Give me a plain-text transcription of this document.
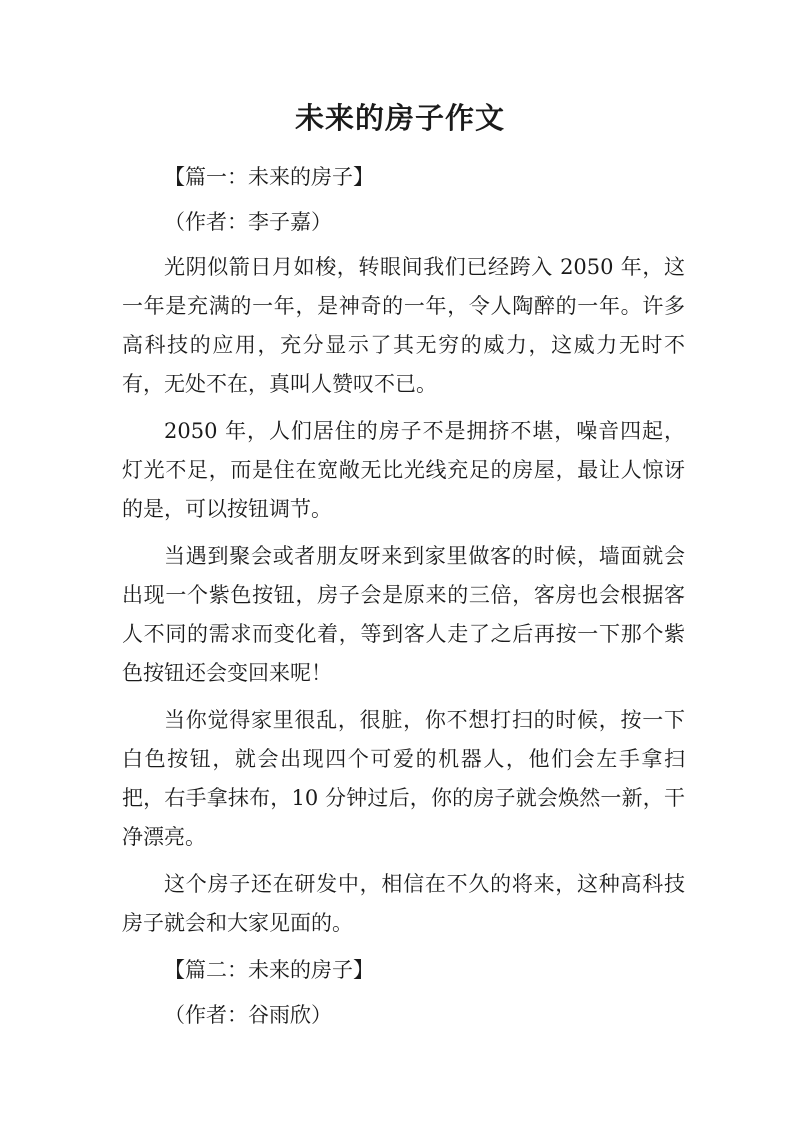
未来的房子作文

【篇一：未来的房子】

（作者：李子嘉）

光阴似箭日月如梭，转眼间我们已经跨入 2050 年，这一年是充满的一年，是神奇的一年，令人陶醉的一年。许多高科技的应用，充分显示了其无穷的威力，这威力无时不有，无处不在，真叫人赞叹不已。

2050 年，人们居住的房子不是拥挤不堪，噪音四起，灯光不足，而是住在宽敞无比光线充足的房屋，最让人惊讶的是，可以按钮调节。

当遇到聚会或者朋友呀来到家里做客的时候，墙面就会出现一个紫色按钮，房子会是原来的三倍，客房也会根据客人不同的需求而变化着，等到客人走了之后再按一下那个紫色按钮还会变回来呢！

当你觉得家里很乱，很脏，你不想打扫的时候，按一下白色按钮，就会出现四个可爱的机器人，他们会左手拿扫把，右手拿抹布，10 分钟过后，你的房子就会焕然一新，干净漂亮。

这个房子还在研发中，相信在不久的将来，这种高科技房子就会和大家见面的。

【篇二：未来的房子】

（作者：谷雨欣）
